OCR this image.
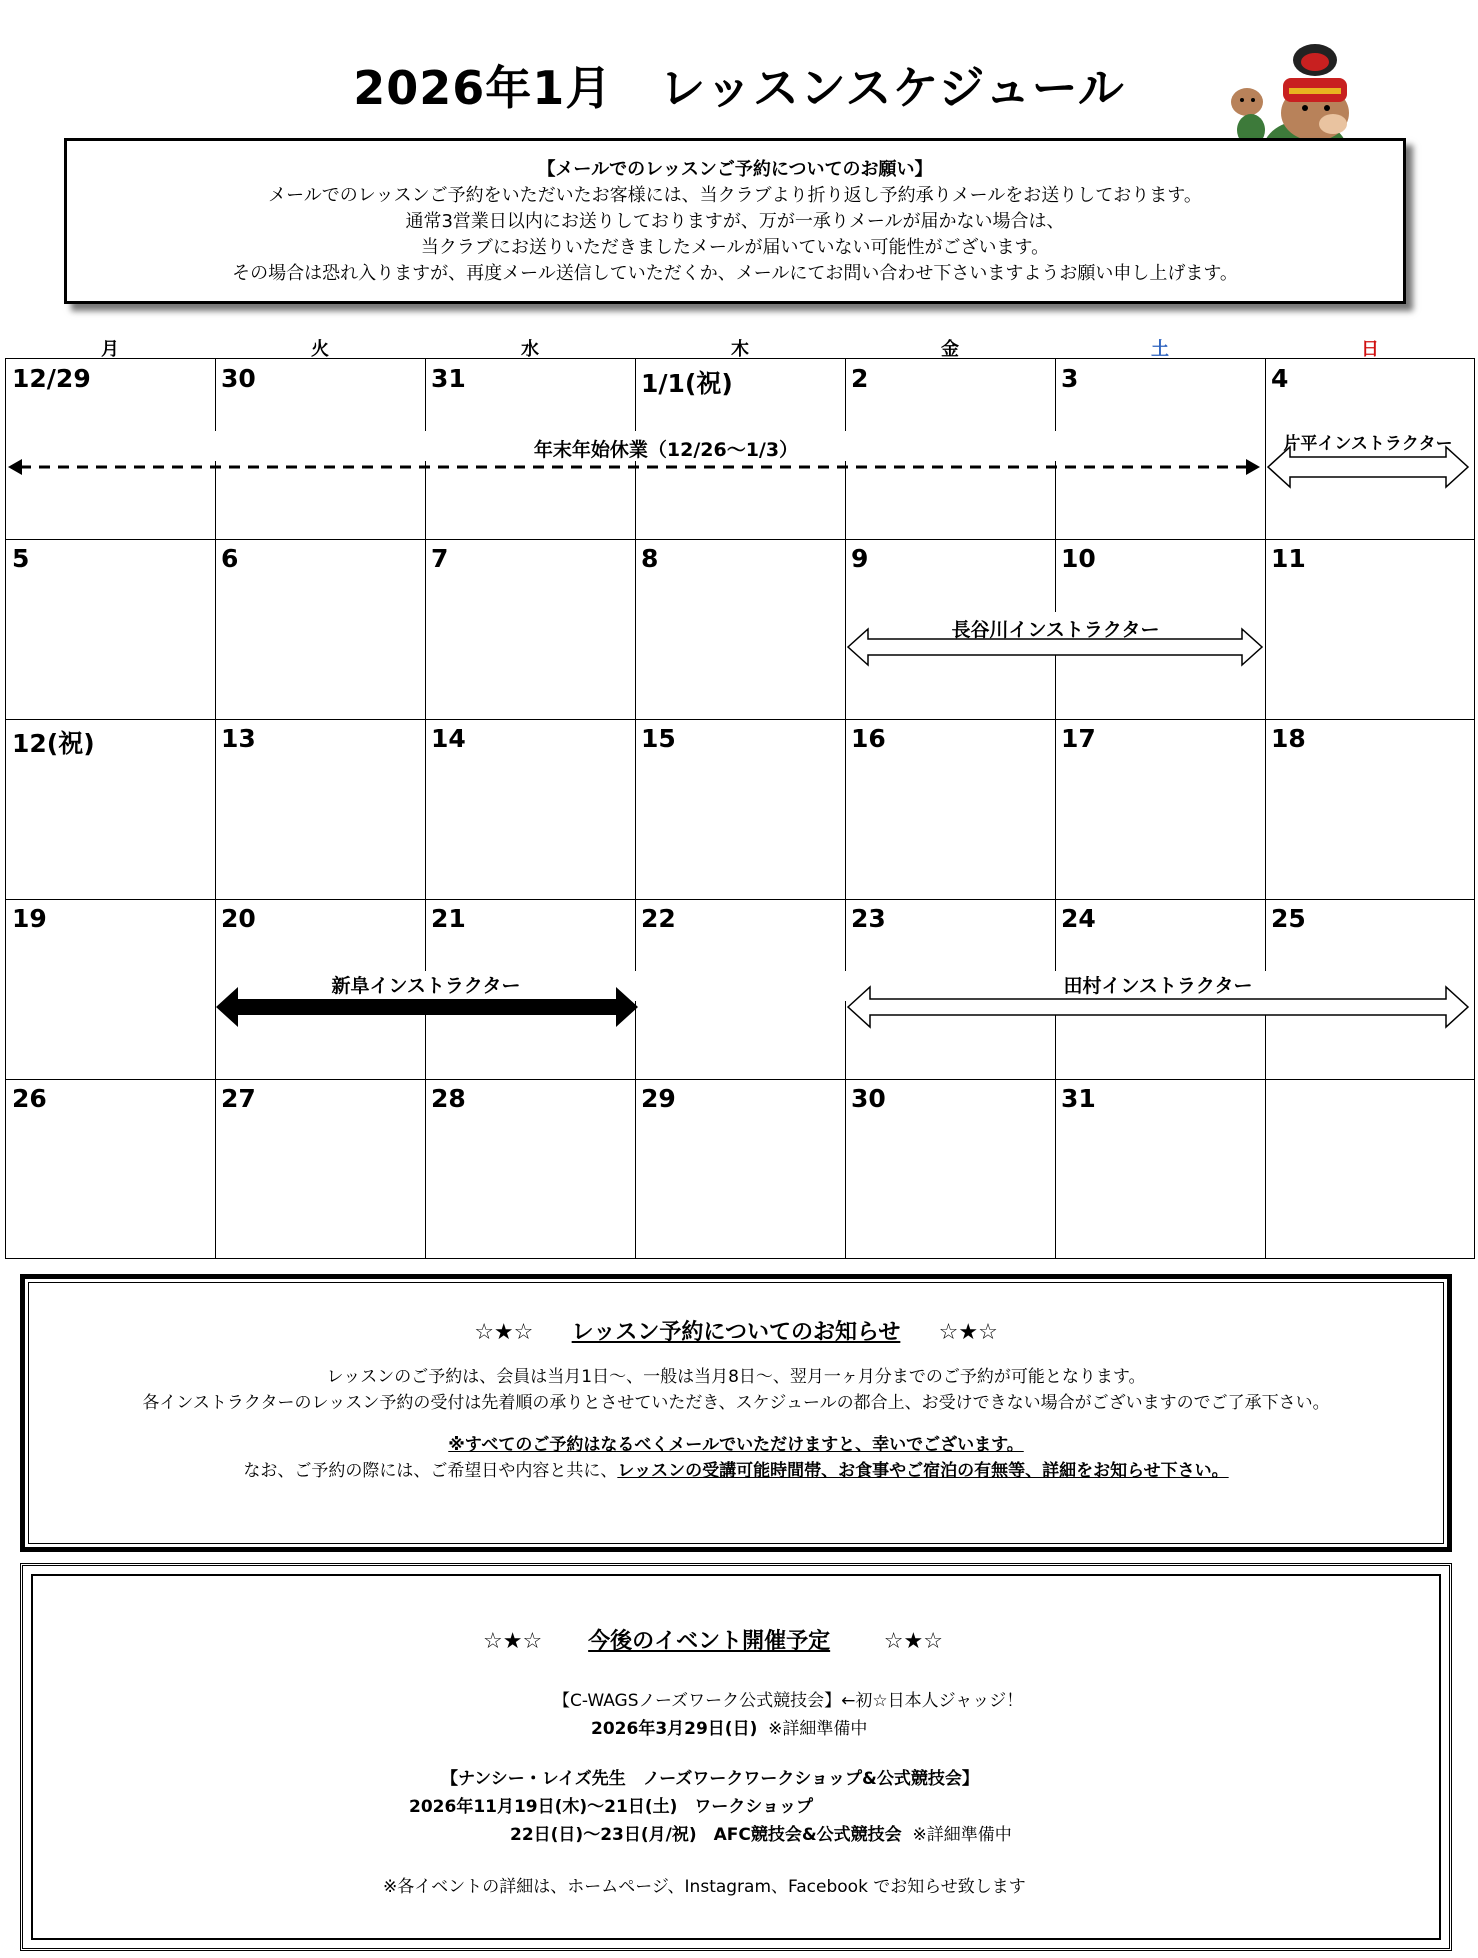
2026年1月　レッスンスケジュール
【メールでのレッスンご予約についてのお願い】
メールでのレッスンご予約をいただいたお客様には、当クラブより折り返し予約承りメールをお送りしております。
通常3営業日以内にお送りしておりますが、万が一承りメールが届かない場合は、
当クラブにお送りいただきましたメールが届いていない可能性がございます。
その場合は恐れ入りますが、再度メール送信していただくか、メールにてお問い合わせ下さいますようお願い申し上げます。
月	火	水	木	金	土	日
12/29	30	31	1/1(祝)	2	3	4
5	6	7	8	9	10	11
12(祝)	13	14	15	16	17	18
19	20	21	22	23	24	25
26	27	28	29	30	31
年末年始休業（12/26～1/3）	片平インストラクター
長谷川インストラクター
新阜インストラクター	田村インストラクター
☆★☆ レッスン予約についてのお知らせ ☆★☆
レッスンのご予約は、会員は当月1日～、一般は当月8日～、翌月一ヶ月分までのご予約が可能となります。
各インストラクターのレッスン予約の受付は先着順の承りとさせていただき、スケジュールの都合上、お受けできない場合がございますのでご了承下さい。
※すべてのご予約はなるべくメールでいただけますと、幸いでございます。
なお、ご予約の際には、ご希望日や内容と共に、レッスンの受講可能時間帯、お食事やご宿泊の有無等、詳細をお知らせ下さい。
☆★☆ 今後のイベント開催予定 ☆★☆
【C-WAGSノーズワーク公式競技会】←初☆日本人ジャッジ！
2026年3月29日(日) ※詳細準備中
【ナンシー・レイズ先生　ノーズワークワークショップ&公式競技会】
2026年11月19日(木)～21日(土)　ワークショップ
22日(日)～23日(月/祝)　AFC競技会&公式競技会 ※詳細準備中
※各イベントの詳細は、ホームページ、Instagram、Facebook でお知らせ致します
